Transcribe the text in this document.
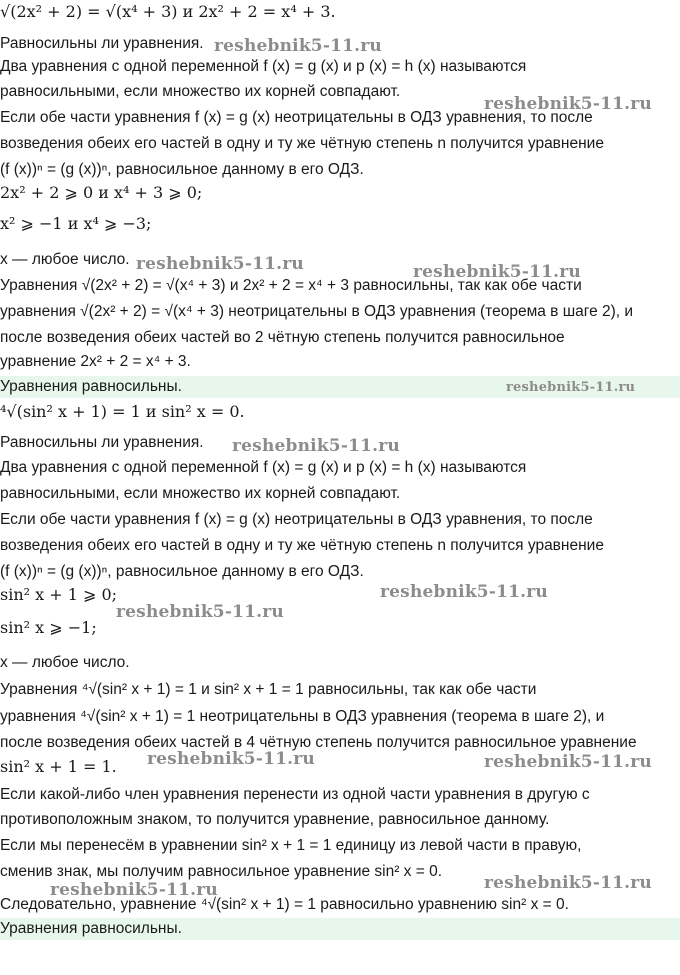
√(2x² + 2) = √(x⁴ + 3) и 2x² + 2 = x⁴ + 3.
Равносильны ли уравнения.
Два уравнения с одной переменной f (x) = g (x) и p (x) = h (x) называются
равносильными, если множество их корней совпадают.
Если обе части уравнения f (x) = g (x) неотрицательны в ОДЗ уравнения, то после
возведения обеих его частей в одну и ту же чётную степень n получится уравнение
(f (x))ⁿ = (g (x))ⁿ, равносильное данному в его ОДЗ.
2x² + 2 ⩾ 0 и x⁴ + 3 ⩾ 0;
x² ⩾ −1 и x⁴ ⩾ −3;
x — любое число.
Уравнения √(2x² + 2) = √(x⁴ + 3) и 2x² + 2 = x⁴ + 3 равносильны, так как обе части
уравнения √(2x² + 2) = √(x⁴ + 3) неотрицательны в ОДЗ уравнения (теорема в шаге 2), и
после возведения обеих частей во 2 чётную степень получится равносильное
уравнение 2x² + 2 = x⁴ + 3.
Уравнения равносильны.
⁴√(sin² x + 1) = 1 и sin² x = 0.
Равносильны ли уравнения.
Два уравнения с одной переменной f (x) = g (x) и p (x) = h (x) называются
равносильными, если множество их корней совпадают.
Если обе части уравнения f (x) = g (x) неотрицательны в ОДЗ уравнения, то после
возведения обеих его частей в одну и ту же чётную степень n получится уравнение
(f (x))ⁿ = (g (x))ⁿ, равносильное данному в его ОДЗ.
sin² x + 1 ⩾ 0;
sin² x ⩾ −1;
x — любое число.
Уравнения ⁴√(sin² x + 1) = 1 и sin² x + 1 = 1 равносильны, так как обе части
уравнения ⁴√(sin² x + 1) = 1 неотрицательны в ОДЗ уравнения (теорема в шаге 2), и
после возведения обеих частей в 4 чётную степень получится равносильное уравнение
sin² x + 1 = 1.
Если какой-либо член уравнения перенести из одной части уравнения в другую с
противоположным знаком, то получится уравнение, равносильное данному.
Если мы перенесём в уравнении sin² x + 1 = 1 единицу из левой части в правую,
сменив знак, мы получим равносильное уравнение sin² x = 0.
Следовательно, уравнение ⁴√(sin² x + 1) = 1 равносильно уравнению sin² x = 0.
Уравнения равносильны.
reshebnik5-11.ru
reshebnik5-11.ru
reshebnik5-11.ru	reshebnik5-11.ru
reshebnik5-11.ru
reshebnik5-11.ru
reshebnik5-11.ru
reshebnik5-11.ru
reshebnik5-11.ru	reshebnik5-11.ru
reshebnik5-11.ru
reshebnik5-11.ru
